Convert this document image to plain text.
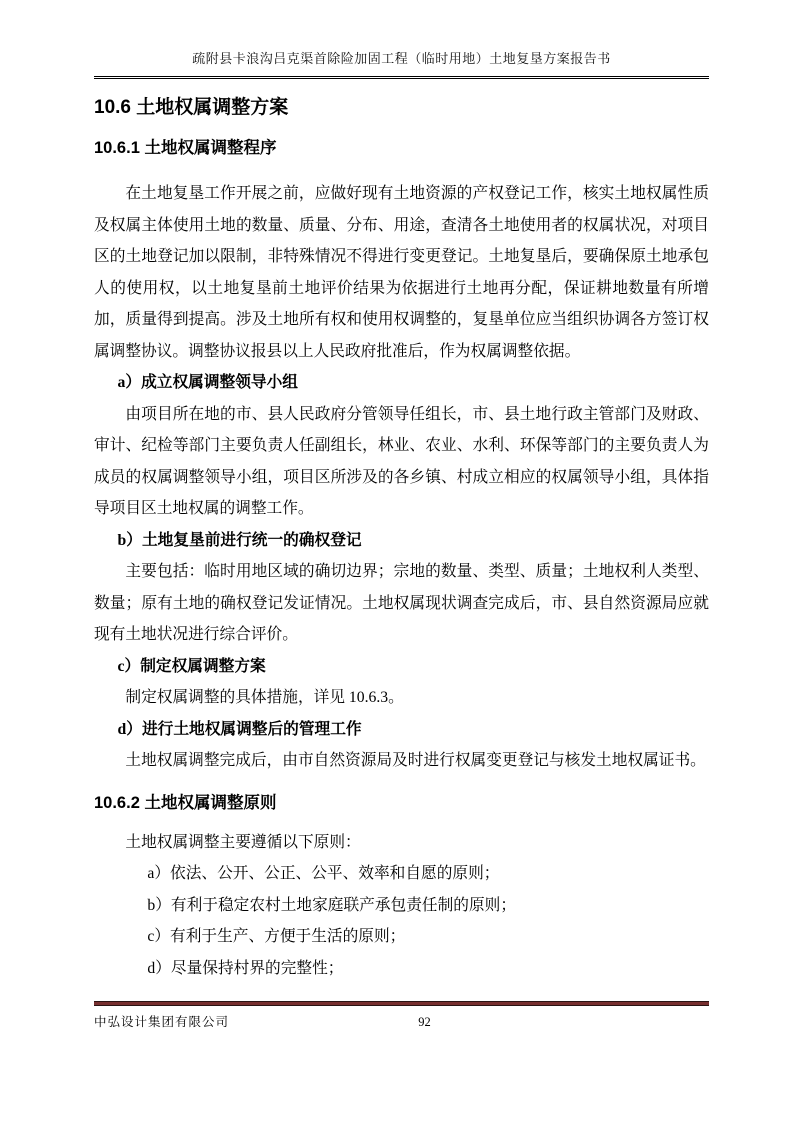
疏附县卡浪沟吕克渠首除险加固工程（临时用地）土地复垦方案报告书
10.6 土地权属调整方案
10.6.1 土地权属调整程序

在土地复垦工作开展之前，应做好现有土地资源的产权登记工作，核实土地权属性质及权属主体使用土地的数量、质量、分布、用途，查清各土地使用者的权属状况，对项目区的土地登记加以限制，非特殊情况不得进行变更登记。土地复垦后，要确保原土地承包人的使用权，以土地复垦前土地评价结果为依据进行土地再分配，保证耕地数量有所增加，质量得到提高。涉及土地所有权和使用权调整的，复垦单位应当组织协调各方签订权属调整协议。调整协议报县以上人民政府批准后，作为权属调整依据。

a）成立权属调整领导小组

由项目所在地的市、县人民政府分管领导任组长，市、县土地行政主管部门及财政、审计、纪检等部门主要负责人任副组长，林业、农业、水利、环保等部门的主要负责人为成员的权属调整领导小组，项目区所涉及的各乡镇、村成立相应的权属领导小组，具体指导项目区土地权属的调整工作。

b）土地复垦前进行统一的确权登记

主要包括：临时用地区域的确切边界；宗地的数量、类型、质量；土地权利人类型、数量；原有土地的确权登记发证情况。土地权属现状调查完成后，市、县自然资源局应就现有土地状况进行综合评价。

c）制定权属调整方案

制定权属调整的具体措施，详见 10.6.3。

d）进行土地权属调整后的管理工作

土地权属调整完成后，由市自然资源局及时进行权属变更登记与核发土地权属证书。

10.6.2 土地权属调整原则

土地权属调整主要遵循以下原则：

a）依法、公开、公正、公平、效率和自愿的原则；

b）有利于稳定农村土地家庭联产承包责任制的原则；

c）有利于生产、方便于生活的原则；

d）尽量保持村界的完整性；

中弘设计集团有限公司	92
